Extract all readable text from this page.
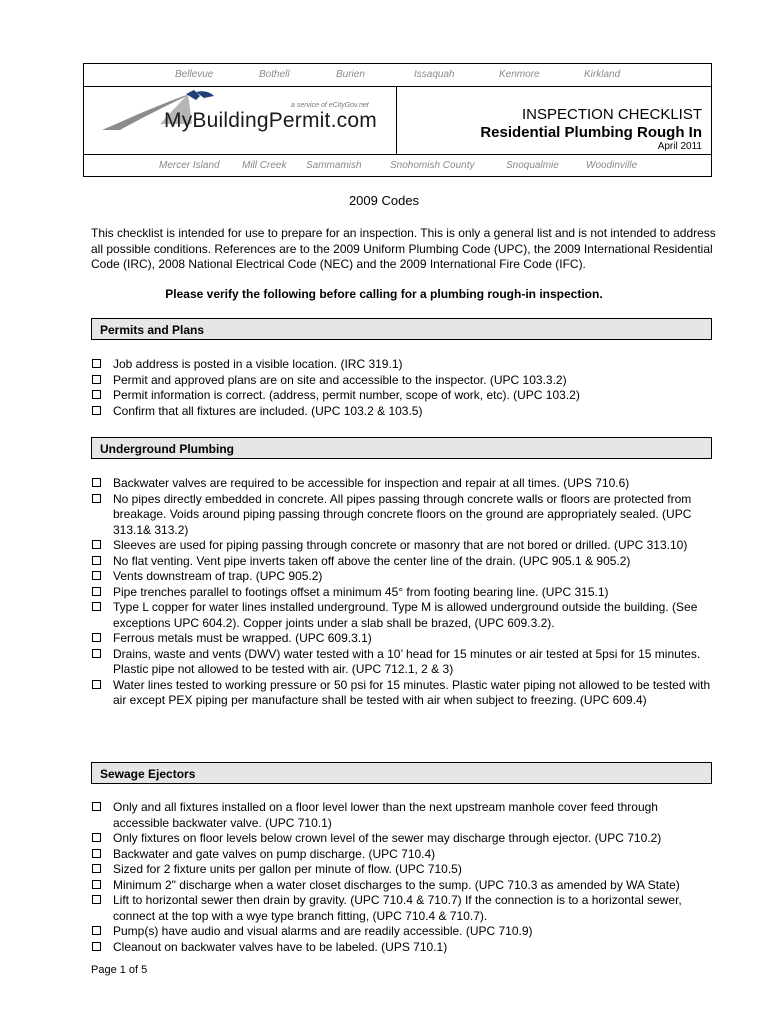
Bellevue	Bothell	Burien	Issaquah	Kenmore	Kirkland
a service of eCityGov.net
MyBuildingPermit.com	INSPECTION CHECKLIST
Residential Plumbing Rough In
April 2011
Mercer Island Mill Creek Sammamish	Snohomish County	Snoqualmie	Woodinville
2009 Codes
This checklist is intended for use to prepare for an inspection. This is only a general list and is not intended to address all possible conditions. References are to the 2009 Uniform Plumbing Code (UPC), the 2009 International Residential Code (IRC), 2008 National Electrical Code (NEC) and the 2009 International Fire Code (IFC).
Please verify the following before calling for a plumbing rough-in inspection.
Permits and Plans
Job address is posted in a visible location. (IRC 319.1)
Permit and approved plans are on site and accessible to the inspector. (UPC 103.3.2)
Permit information is correct. (address, permit number, scope of work, etc). (UPC 103.2)
Confirm that all fixtures are included. (UPC 103.2 & 103.5)
Underground Plumbing
Backwater valves are required to be accessible for inspection and repair at all times. (UPS 710.6)
No pipes directly embedded in concrete. All pipes passing through concrete walls or floors are protected from breakage. Voids around piping passing through concrete floors on the ground are appropriately sealed. (UPC 313.1& 313.2)
Sleeves are used for piping passing through concrete or masonry that are not bored or drilled. (UPC 313.10)
No flat venting. Vent pipe inverts taken off above the center line of the drain. (UPC 905.1 & 905.2)
Vents downstream of trap. (UPC 905.2)
Pipe trenches parallel to footings offset a minimum 45° from footing bearing line. (UPC 315.1)
Type L copper for water lines installed underground. Type M is allowed underground outside the building. (See exceptions UPC 604.2). Copper joints under a slab shall be brazed, (UPC 609.3.2).
Ferrous metals must be wrapped. (UPC 609.3.1)
Drains, waste and vents (DWV) water tested with a 10’ head for 15 minutes or air tested at 5psi for 15 minutes. Plastic pipe not allowed to be tested with air. (UPC 712.1, 2 & 3)
Water lines tested to working pressure or 50 psi for 15 minutes. Plastic water piping not allowed to be tested with air except PEX piping per manufacture shall be tested with air when subject to freezing. (UPC 609.4)
Sewage Ejectors
Only and all fixtures installed on a floor level lower than the next upstream manhole cover feed through accessible backwater valve. (UPC 710.1)
Only fixtures on floor levels below crown level of the sewer may discharge through ejector. (UPC 710.2)
Backwater and gate valves on pump discharge. (UPC 710.4)
Sized for 2 fixture units per gallon per minute of flow. (UPC 710.5)
Minimum 2" discharge when a water closet discharges to the sump. (UPC 710.3 as amended by WA State)
Lift to horizontal sewer then drain by gravity. (UPC 710.4 & 710.7) If the connection is to a horizontal sewer, connect at the top with a wye type branch fitting, (UPC 710.4 & 710.7).
Pump(s) have audio and visual alarms and are readily accessible. (UPC 710.9)
Cleanout on backwater valves have to be labeled. (UPS 710.1)
Page 1 of 5
